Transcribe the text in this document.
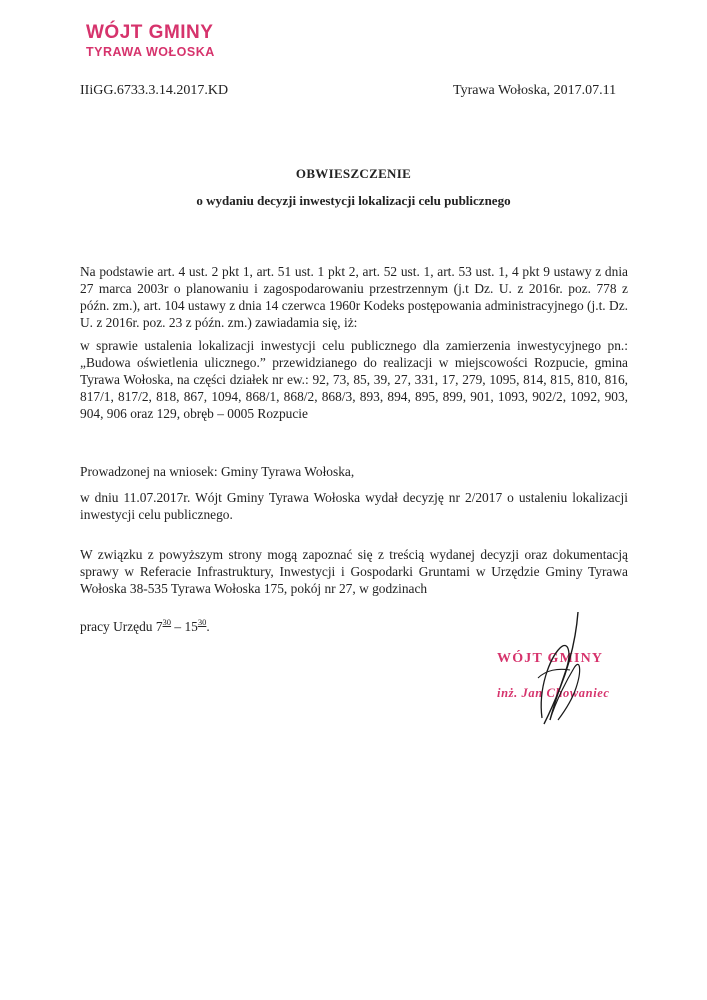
WÓJT GMINY
TYRAWA WOŁOSKA
IIiGG.6733.3.14.2017.KD	Tyrawa Wołoska, 2017.07.11
OBWIESZCZENIE
o wydaniu decyzji inwestycji lokalizacji celu publicznego

Na podstawie art. 4 ust. 2 pkt 1, art. 51 ust. 1 pkt 2, art. 52 ust. 1, art. 53 ust. 1, 4 pkt 9 ustawy z dnia 27 marca 2003r o planowaniu i zagospodarowaniu przestrzennym (j.t Dz. U. z 2016r. poz. 778 z późn. zm.), art. 104 ustawy z dnia 14 czerwca 1960r Kodeks postępowania administracyjnego (j.t. Dz. U. z 2016r. poz. 23 z późn. zm.) zawiadamia się, iż:

w sprawie ustalenia lokalizacji inwestycji celu publicznego dla zamierzenia inwestycyjnego pn.: „Budowa oświetlenia ulicznego.” przewidzianego do realizacji w miejscowości Rozpucie, gmina Tyrawa Wołoska, na części działek nr ew.: 92, 73, 85, 39, 27, 331, 17, 279, 1095, 814, 815, 810, 816, 817/1, 817/2, 818, 867, 1094, 868/1, 868/2, 868/3, 893, 894, 895, 899, 901, 1093, 902/2, 1092, 903, 904, 906 oraz 129, obręb – 0005 Rozpucie

Prowadzonej na wniosek: Gminy Tyrawa Wołoska,

w dniu 11.07.2017r. Wójt Gminy Tyrawa Wołoska wydał decyzję nr 2/2017 o ustaleniu lokalizacji inwestycji celu publicznego.

W związku z powyższym strony mogą zapoznać się z treścią wydanej decyzji oraz dokumentacją sprawy w Referacie Infrastruktury, Inwestycji i Gospodarki Gruntami w Urzędzie Gminy Tyrawa Wołoska 38-535 Tyrawa Wołoska 175, pokój nr 27, w godzinach

pracy Urzędu $7^{30} - 15^{30}$.

WÓJT GMINY
inż. Jan Chowaniec
